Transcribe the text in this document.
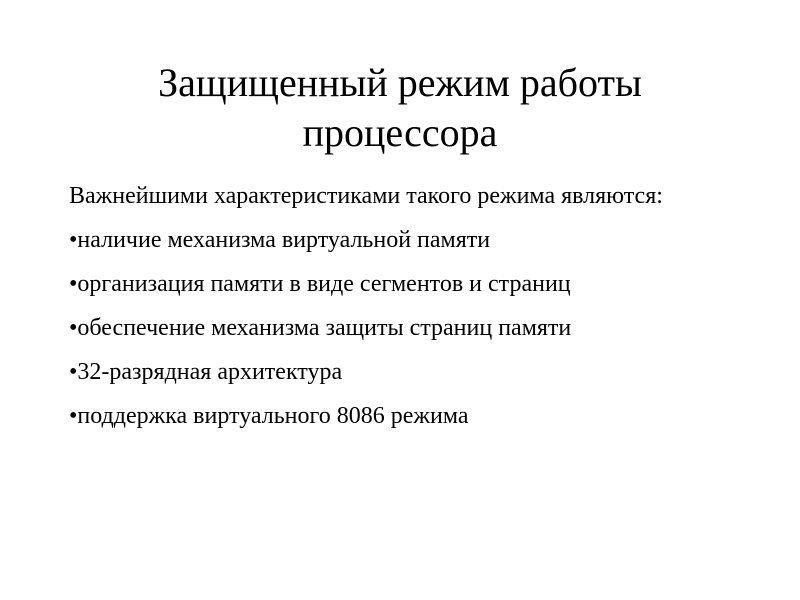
Защищенный режим работы процессора
Важнейшими характеристиками такого режима являются:
•наличие механизма виртуальной памяти
•организация памяти в виде сегментов и страниц
•обеспечение механизма защиты страниц памяти
•32-разрядная архитектура
•поддержка виртуального 8086 режима
